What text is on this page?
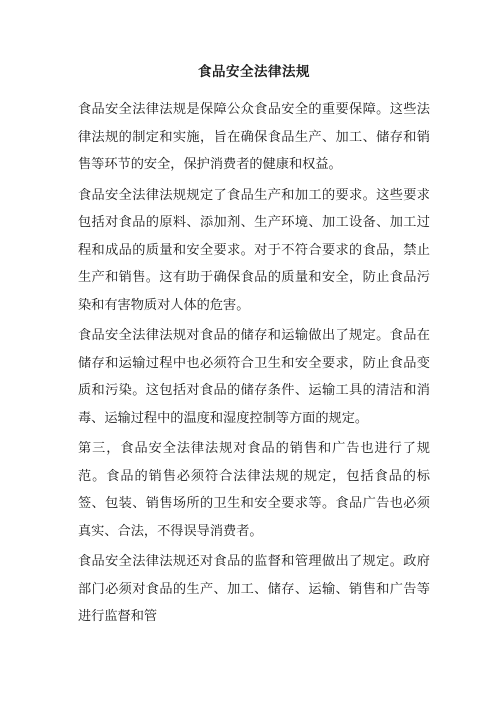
食品安全法律法规

食品安全法律法规是保障公众食品安全的重要保障。这些法律法规的制定和实施，旨在确保食品生产、加工、储存和销售等环节的安全，保护消费者的健康和权益。

食品安全法律法规规定了食品生产和加工的要求。这些要求包括对食品的原料、添加剂、生产环境、加工设备、加工过程和成品的质量和安全要求。对于不符合要求的食品，禁止生产和销售。这有助于确保食品的质量和安全，防止食品污染和有害物质对人体的危害。

食品安全法律法规对食品的储存和运输做出了规定。食品在储存和运输过程中也必须符合卫生和安全要求，防止食品变质和污染。这包括对食品的储存条件、运输工具的清洁和消毒、运输过程中的温度和湿度控制等方面的规定。

第三，食品安全法律法规对食品的销售和广告也进行了规范。食品的销售必须符合法律法规的规定，包括食品的标签、包装、销售场所的卫生和安全要求等。食品广告也必须真实、合法，不得误导消费者。

食品安全法律法规还对食品的监督和管理做出了规定。政府部门必须对食品的生产、加工、储存、运输、销售和广告等进行监督和管
